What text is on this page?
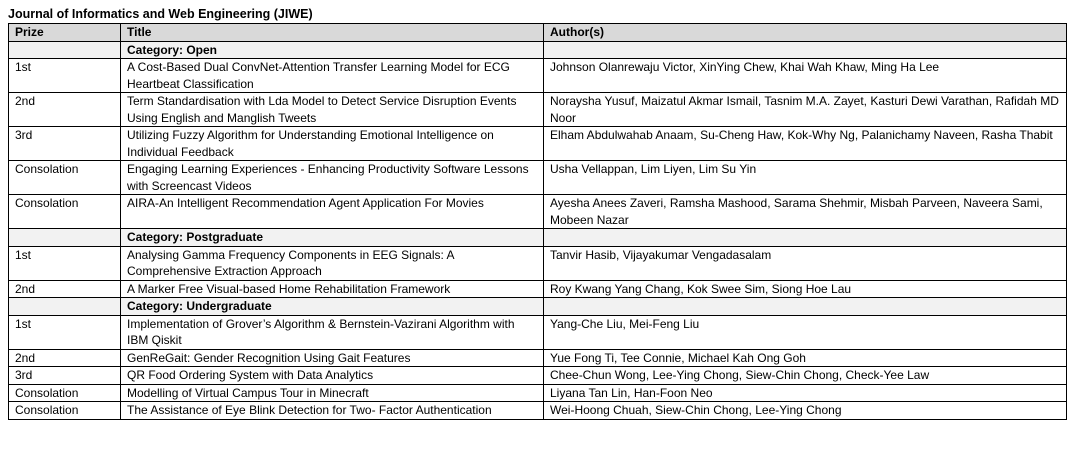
Journal of Informatics and Web Engineering (JIWE)
Prize	Title	Author(s)
	Category: Open	
1st	A Cost-Based Dual ConvNet-Attention Transfer Learning Model for ECG Heartbeat Classification	Johnson Olanrewaju Victor, XinYing Chew, Khai Wah Khaw, Ming Ha Lee
2nd	Term Standardisation with Lda Model to Detect Service Disruption Events Using English and Manglish Tweets	Noraysha Yusuf, Maizatul Akmar Ismail, Tasnim M.A. Zayet, Kasturi Dewi Varathan, Rafidah MD Noor
3rd	Utilizing Fuzzy Algorithm for Understanding Emotional Intelligence on Individual Feedback	Elham Abdulwahab Anaam, Su-Cheng Haw, Kok-Why Ng, Palanichamy Naveen, Rasha Thabit
Consolation	Engaging Learning Experiences - Enhancing Productivity Software Lessons with Screencast Videos	Usha Vellappan, Lim Liyen, Lim Su Yin
Consolation	AIRA-An Intelligent Recommendation Agent Application For Movies	Ayesha Anees Zaveri, Ramsha Mashood, Sarama Shehmir, Misbah Parveen, Naveera Sami, Mobeen Nazar
	Category: Postgraduate	
1st	Analysing Gamma Frequency Components in EEG Signals: A Comprehensive Extraction Approach	Tanvir Hasib, Vijayakumar Vengadasalam
2nd	A Marker Free Visual-based Home Rehabilitation Framework	Roy Kwang Yang Chang, Kok Swee Sim, Siong Hoe Lau
	Category: Undergraduate	
1st	Implementation of Grover’s Algorithm & Bernstein-Vazirani Algorithm with IBM Qiskit	Yang-Che Liu, Mei-Feng Liu
2nd	GenReGait: Gender Recognition Using Gait Features	Yue Fong Ti, Tee Connie, Michael Kah Ong Goh
3rd	QR Food Ordering System with Data Analytics	Chee-Chun Wong, Lee-Ying Chong, Siew-Chin Chong, Check-Yee Law
Consolation	Modelling of Virtual Campus Tour in Minecraft	Liyana Tan Lin, Han-Foon Neo
Consolation	The Assistance of Eye Blink Detection for Two- Factor Authentication	Wei-Hoong Chuah, Siew-Chin Chong, Lee-Ying Chong
